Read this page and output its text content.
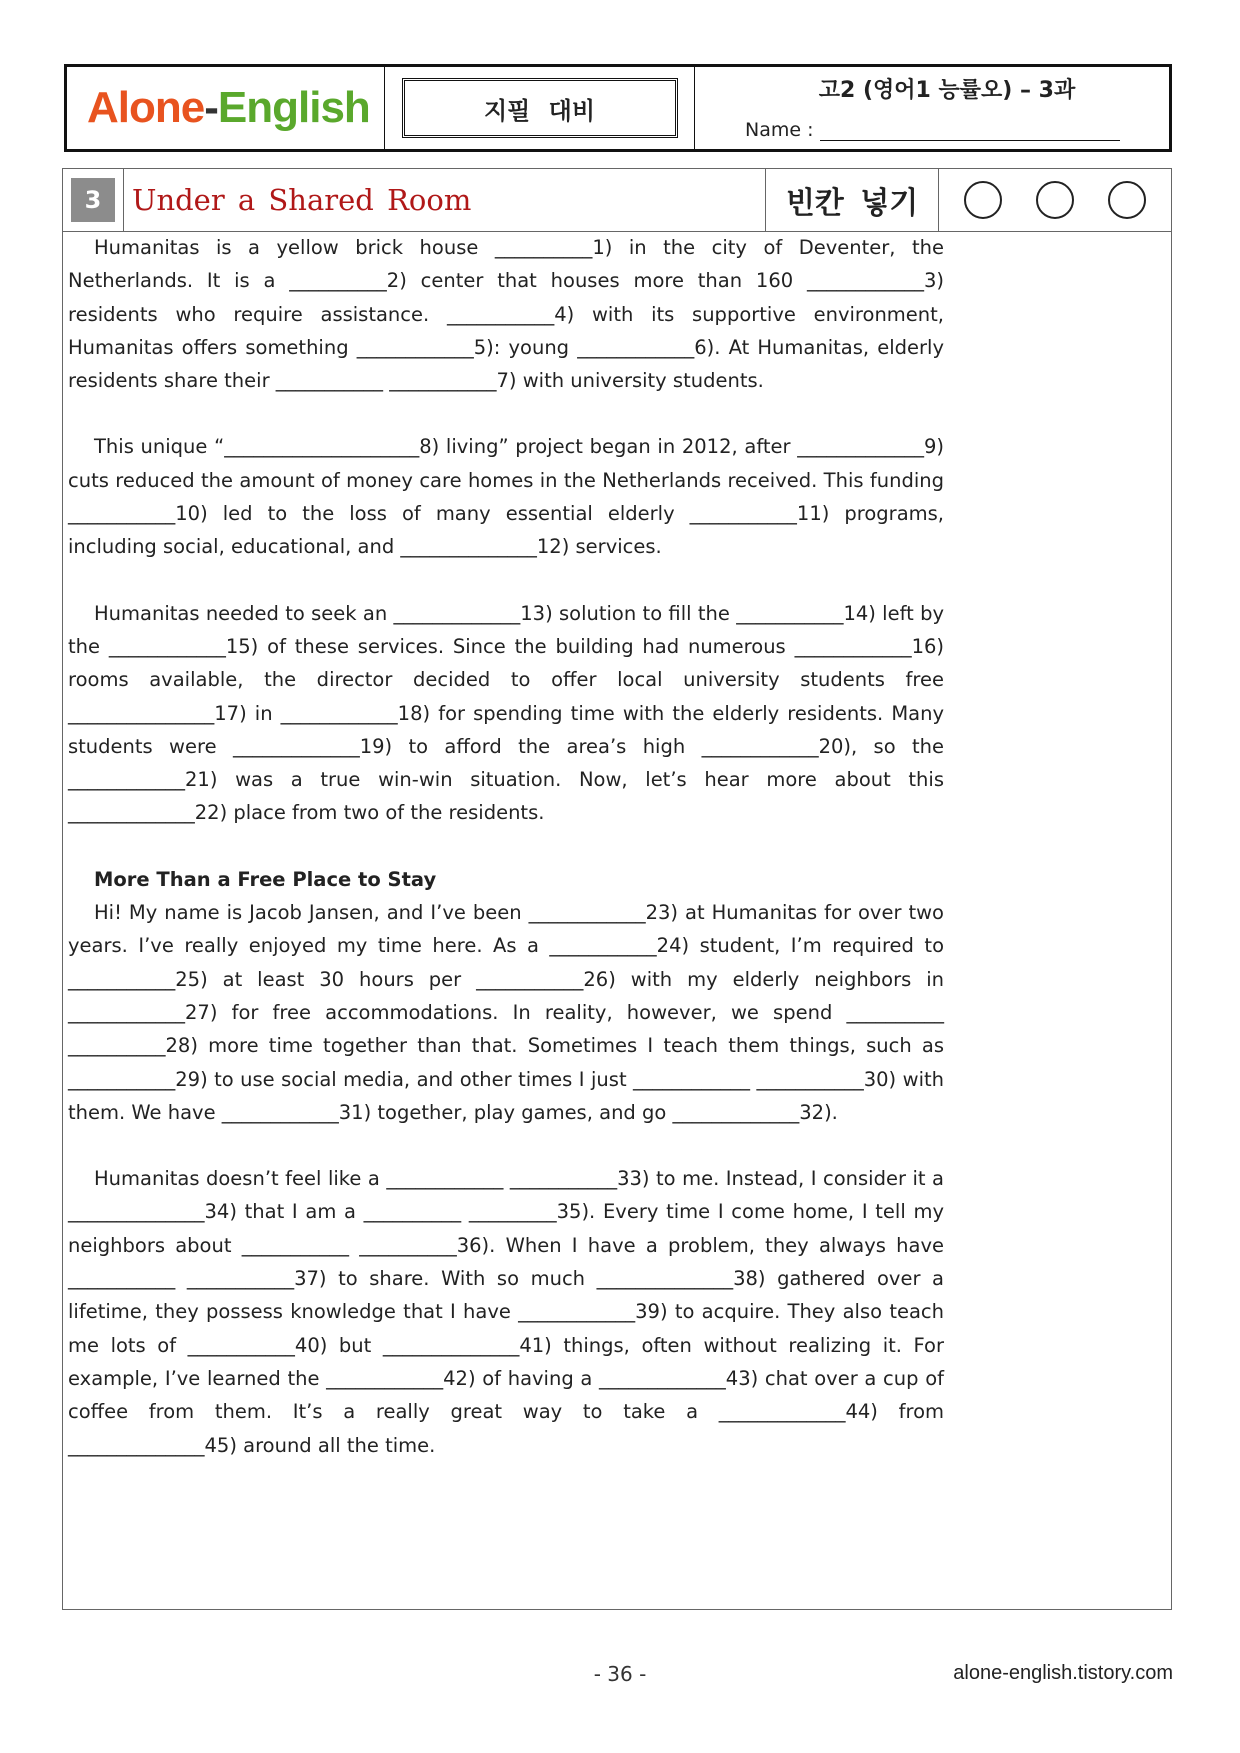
Alone-English	지필 대비
고2 (영어1 능률오) – 3과
Name :
3	Under a Shared Room	빈칸 넣기

Humanitas is a yellow brick house __________1) in the city of Deventer, the Netherlands. It is a __________2) center that houses more than 160 ____________3) residents who require assistance. ___________4) with its supportive environment, Humanitas offers something ____________5): young ____________6). At Humanitas, elderly residents share their ___________ ___________7) with university students.

This unique “____________________8) living” project began in 2012, after _____________9) cuts reduced the amount of money care homes in the Netherlands received. This funding ___________10) led to the loss of many essential elderly ___________11) programs, including social, educational, and ______________12) services.

Humanitas needed to seek an _____________13) solution to fill the ___________14) left by the ____________15) of these services. Since the building had numerous ____________16) rooms available, the director decided to offer local university students free _______________17) in ____________18) for spending time with the elderly residents. Many students were _____________19) to afford the area’s high ____________20), so the ____________21) was a true win-win situation. Now, let’s hear more about this _____________22) place from two of the residents.

More Than a Free Place to Stay

Hi! My name is Jacob Jansen, and I’ve been ____________23) at Humanitas for over two years. I’ve really enjoyed my time here. As a ___________24) student, I’m required to ___________25) at least 30 hours per ___________26) with my elderly neighbors in ____________27) for free accommodations. In reality, however, we spend __________ __________28) more time together than that. Sometimes I teach them things, such as ___________29) to use social media, and other times I just ____________ ___________30) with them. We have ____________31) together, play games, and go _____________32).

Humanitas doesn’t feel like a ____________ ___________33) to me. Instead, I consider it a ______________34) that I am a __________ _________35). Every time I come home, I tell my neighbors about ___________ __________36). When I have a problem, they always have ___________ ___________37) to share. With so much ______________38) gathered over a lifetime, they possess knowledge that I have ____________39) to acquire. They also teach me lots of ___________40) but ______________41) things, often without realizing it. For example, I’ve learned the ____________42) of having a _____________43) chat over a cup of coffee from them. It’s a really great way to take a _____________44) from ______________45) around all the time.

- 36 -	alone-english.tistory.com
